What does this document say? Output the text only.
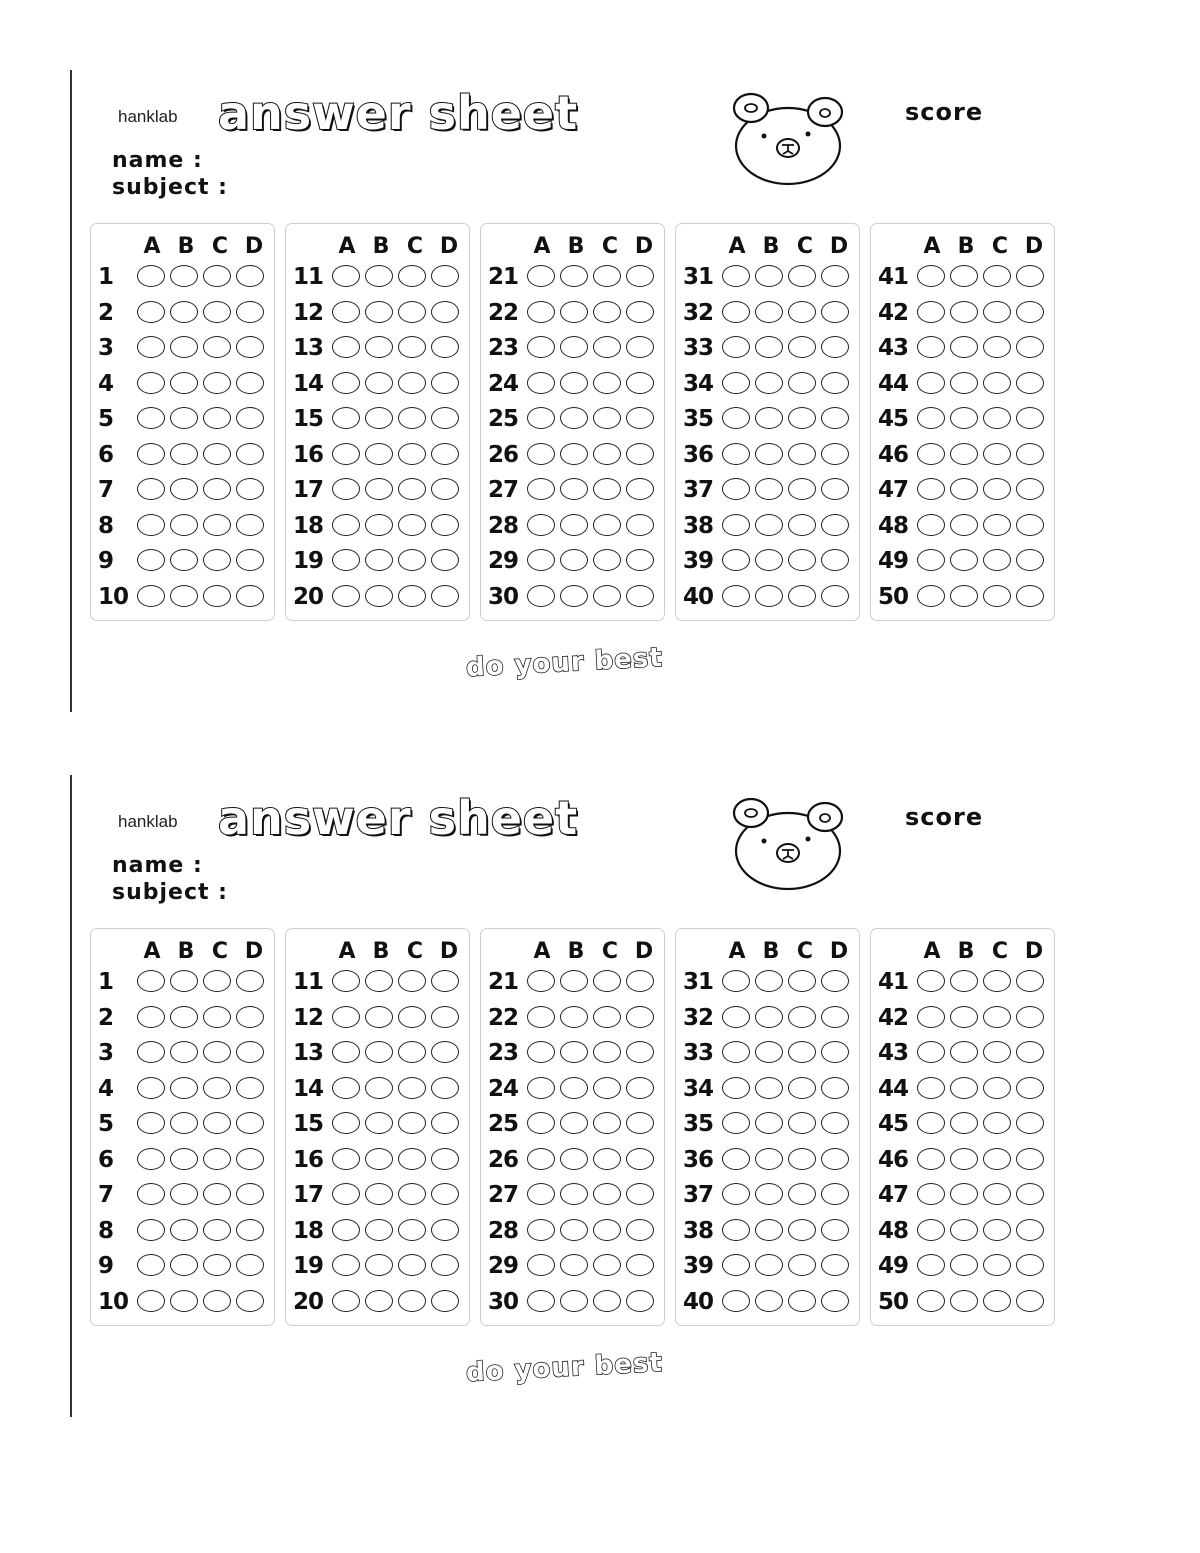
hanklab answer sheet
name :
subject :
score
A B C D
1
2
3
4
5
6
7
8
9
10
A B C D
11
12
13
14
15
16
17
18
19
20
A B C D
21
22
23
24
25
26
27
28
29
30
A B C D
31
32
33
34
35
36
37
38
39
40
A B C D
41
42
43
44
45
46
47
48
49
50
do your best
hanklab answer sheet
name :
subject :
score
A B C D
1
2
3
4
5
6
7
8
9
10
A B C D
11
12
13
14
15
16
17
18
19
20
A B C D
21
22
23
24
25
26
27
28
29
30
A B C D
31
32
33
34
35
36
37
38
39
40
A B C D
41
42
43
44
45
46
47
48
49
50
do your best
